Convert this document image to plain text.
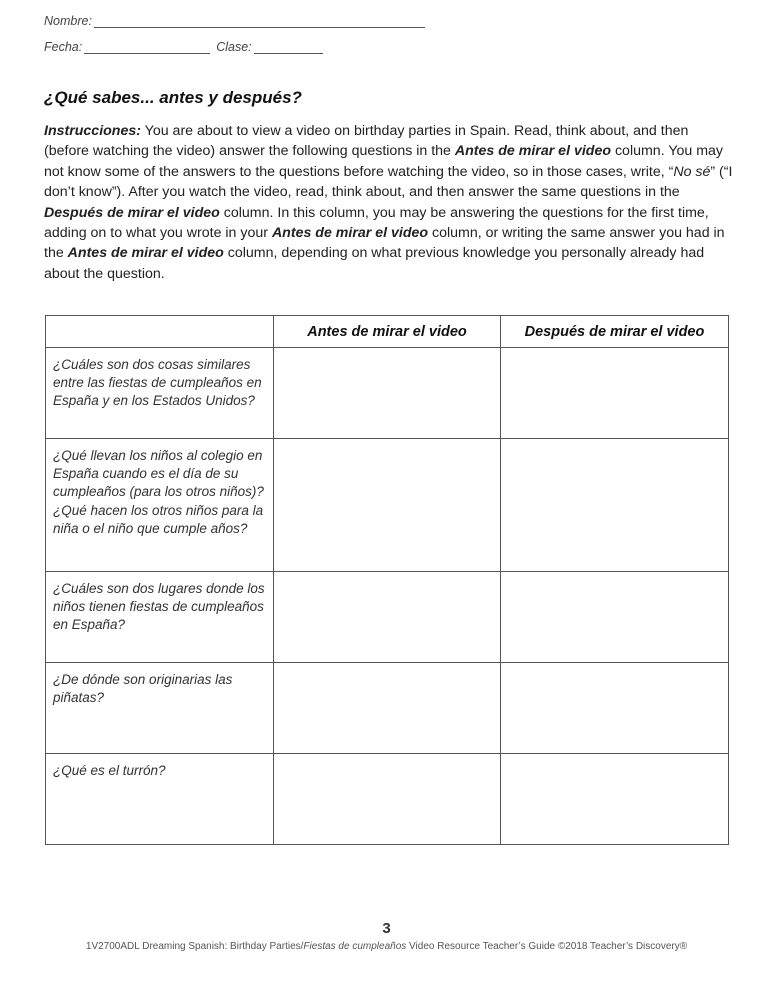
Nombre:
Fecha:	Clase:
¿Qué sabes... antes y después?

Instrucciones: You are about to view a video on birthday parties in Spain. Read, think about, and then (before watching the video) answer the following questions in the Antes de mirar el video column. You may not know some of the answers to the questions before watching the video, so in those cases, write, “No sé” (“I don’t know”). After you watch the video, read, think about, and then answer the same questions in the Después de mirar el video column. In this column, you may be answering the questions for the first time, adding on to what you wrote in your Antes de mirar el video column, or writing the same answer you had in the Antes de mirar el video column, depending on what previous knowledge you personally already had about the question.

	Antes de mirar el video	Después de mirar el video
¿Cuáles son dos cosas similares entre las fiestas de cumpleaños en España y en los Estados Unidos?		
¿Qué llevan los niños al colegio en España cuando es el día de su cumpleaños (para los otros niños)? ¿Qué hacen los otros niños para la niña o el niño que cumple años?		
¿Cuáles son dos lugares donde los niños tienen fiestas de cumpleaños en España?		
¿De dónde son originarias las piñatas?		
¿Qué es el turrón?		
3
1V2700ADL Dreaming Spanish: Birthday Parties/Fiestas de cumpleaños Video Resource Teacher’s Guide ©2018 Teacher’s Discovery®
